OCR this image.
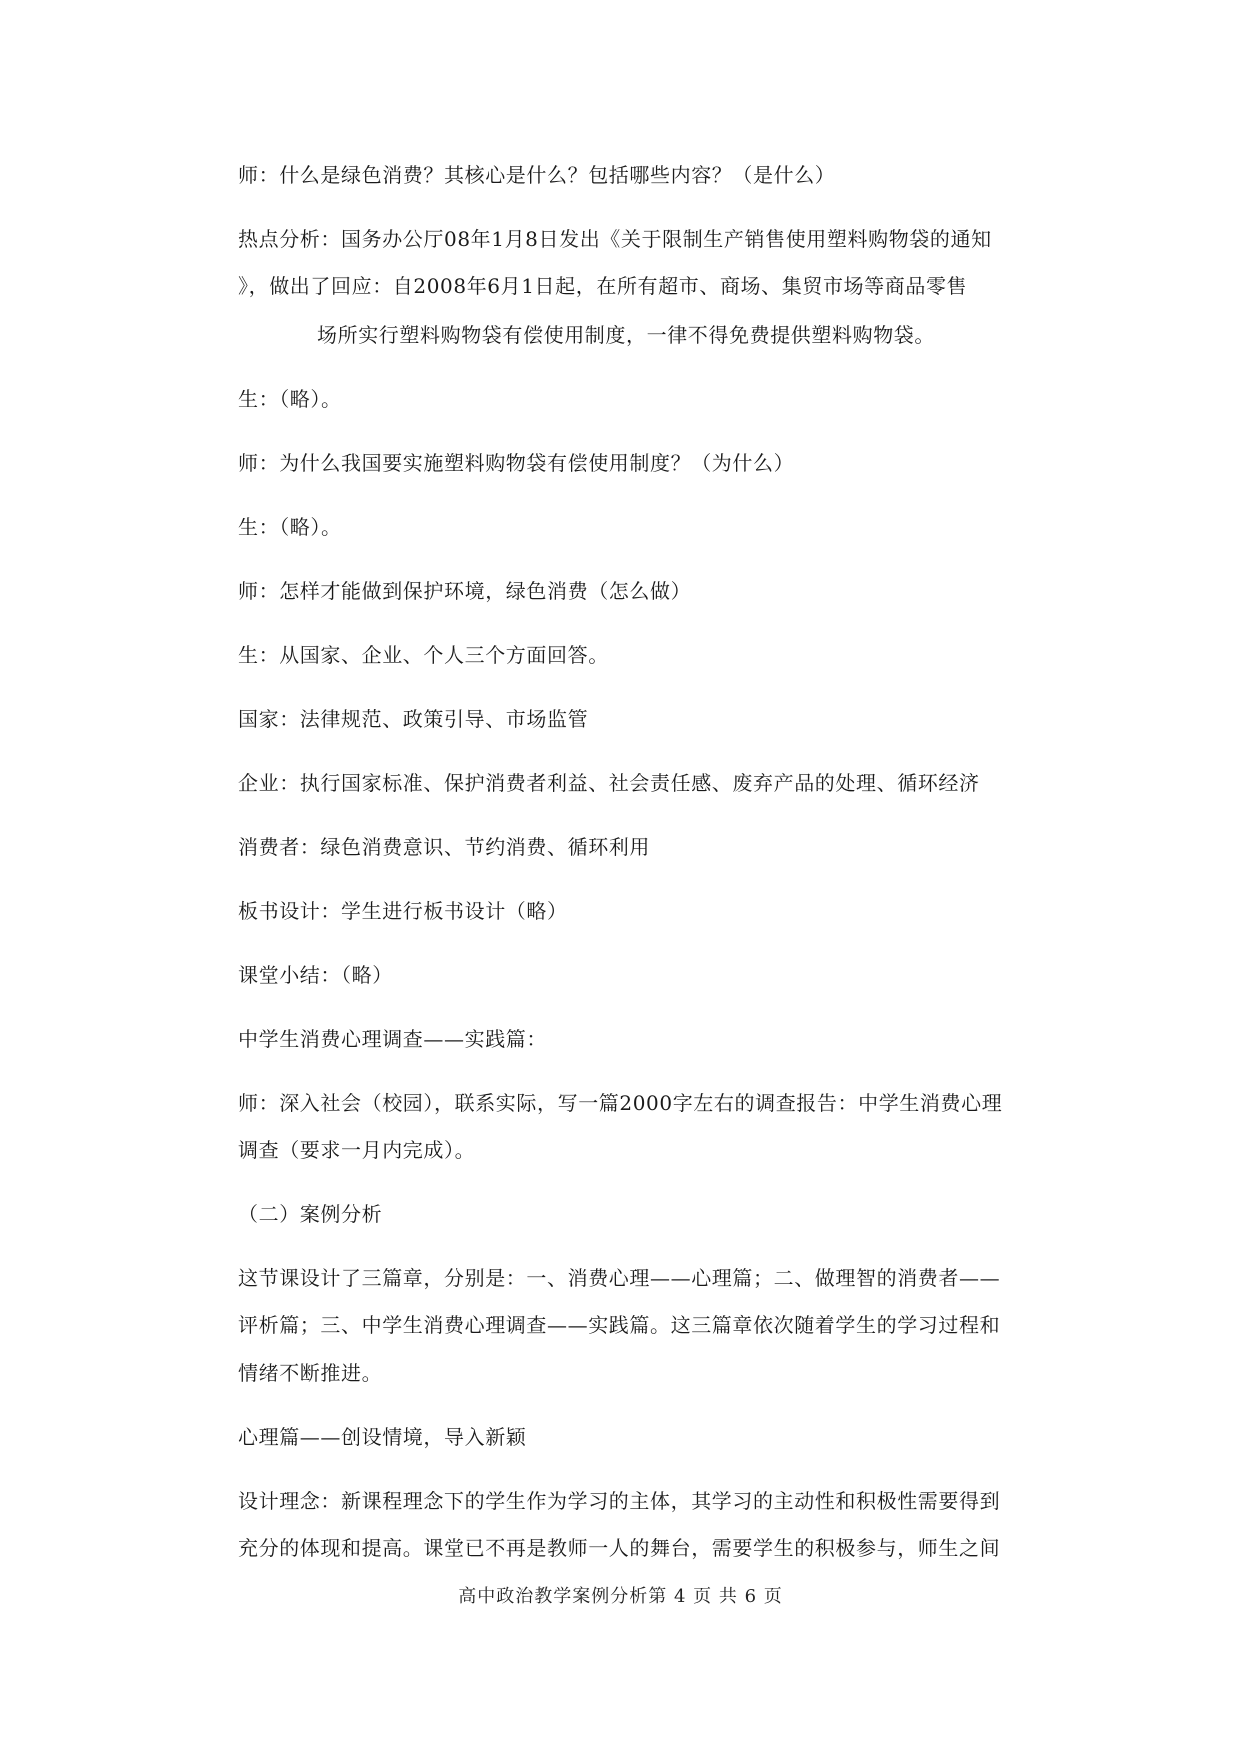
师：什么是绿色消费？其核心是什么？包括哪些内容？（是什么）
热点分析：国务办公厅08年1月8日发出《关于限制生产销售使用塑料购物袋的通知
》，做出了回应：自2008年6月1日起，在所有超市、商场、集贸市场等商品零售
场所实行塑料购物袋有偿使用制度，一律不得免费提供塑料购物袋。
生：（略）。
师：为什么我国要实施塑料购物袋有偿使用制度？（为什么）
生：（略）。
师：怎样才能做到保护环境，绿色消费（怎么做）
生：从国家、企业、个人三个方面回答。
国家：法律规范、政策引导、市场监管
企业：执行国家标准、保护消费者利益、社会责任感、废弃产品的处理、循环经济
消费者：绿色消费意识、节约消费、循环利用
板书设计：学生进行板书设计（略）
课堂小结：（略）
中学生消费心理调查——实践篇：
师：深入社会（校园），联系实际，写一篇2000字左右的调查报告：中学生消费心理
调查（要求一月内完成）。
（二）案例分析
这节课设计了三篇章，分别是：一、消费心理——心理篇；二、做理智的消费者——
评析篇；三、中学生消费心理调查——实践篇。这三篇章依次随着学生的学习过程和
情绪不断推进。
心理篇——创设情境，导入新颖
设计理念：新课程理念下的学生作为学习的主体，其学习的主动性和积极性需要得到
充分的体现和提高。课堂已不再是教师一人的舞台，需要学生的积极参与，师生之间
高中政治教学案例分析第 4 页 共 6 页
